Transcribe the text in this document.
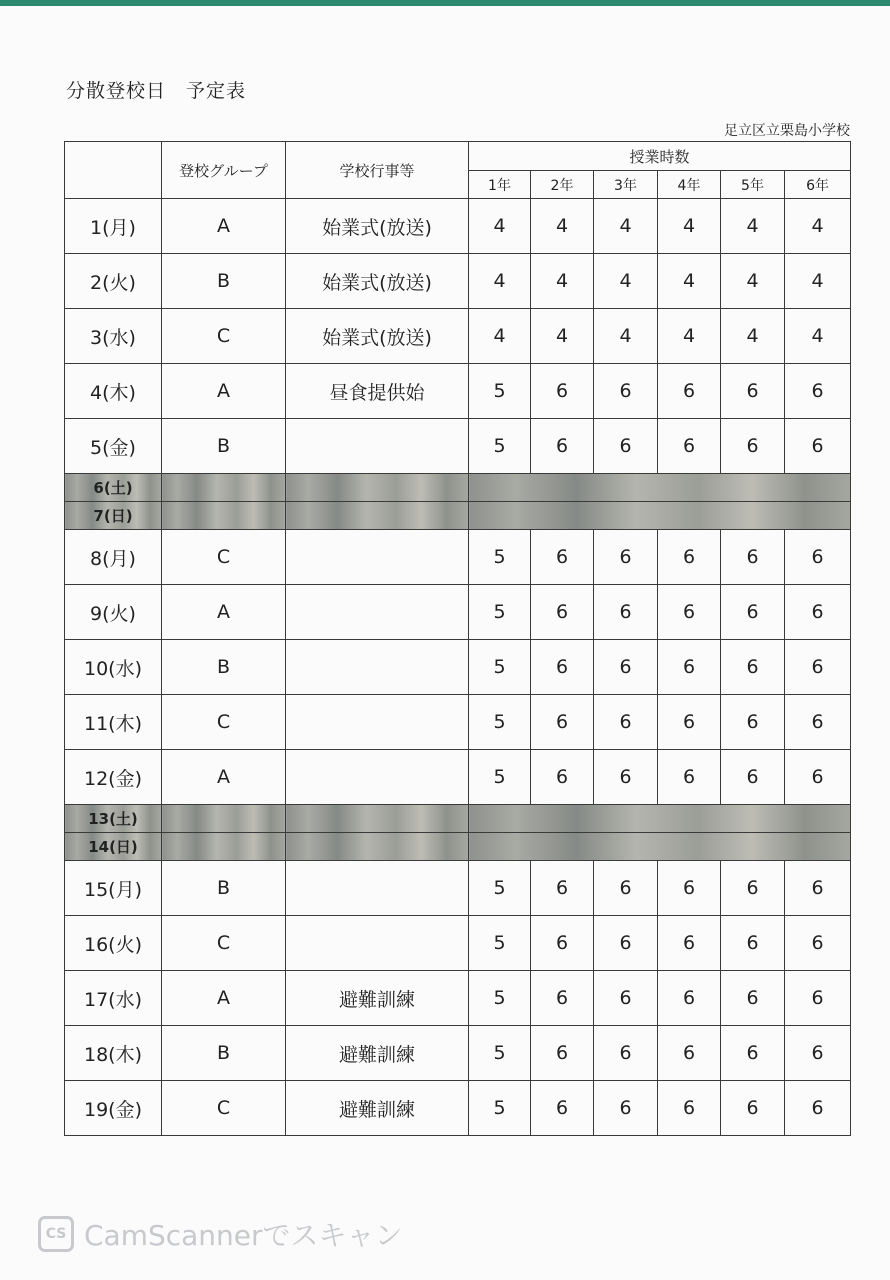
分散登校日　予定表
足立区立栗島小学校
	登校グループ	学校行事等	授業時数					
			1年	2年	3年	4年	5年	6年
1(月)	A	始業式(放送)	4	4	4	4	4	4
2(火)	B	始業式(放送)	4	4	4	4	4	4
3(水)	C	始業式(放送)	4	4	4	4	4	4
4(木)	A	昼食提供始	5	6	6	6	6	6
5(金)	B		5	6	6	6	6	6
6(土)								
7(日)								
8(月)	C		5	6	6	6	6	6
9(火)	A		5	6	6	6	6	6
10(水)	B		5	6	6	6	6	6
11(木)	C		5	6	6	6	6	6
12(金)	A		5	6	6	6	6	6
13(土)								
14(日)								
15(月)	B		5	6	6	6	6	6
16(火)	C		5	6	6	6	6	6
17(水)	A	避難訓練	5	6	6	6	6	6
18(木)	B	避難訓練	5	6	6	6	6	6
19(金)	C	避難訓練	5	6	6	6	6	6
CS CamScannerでスキャン
